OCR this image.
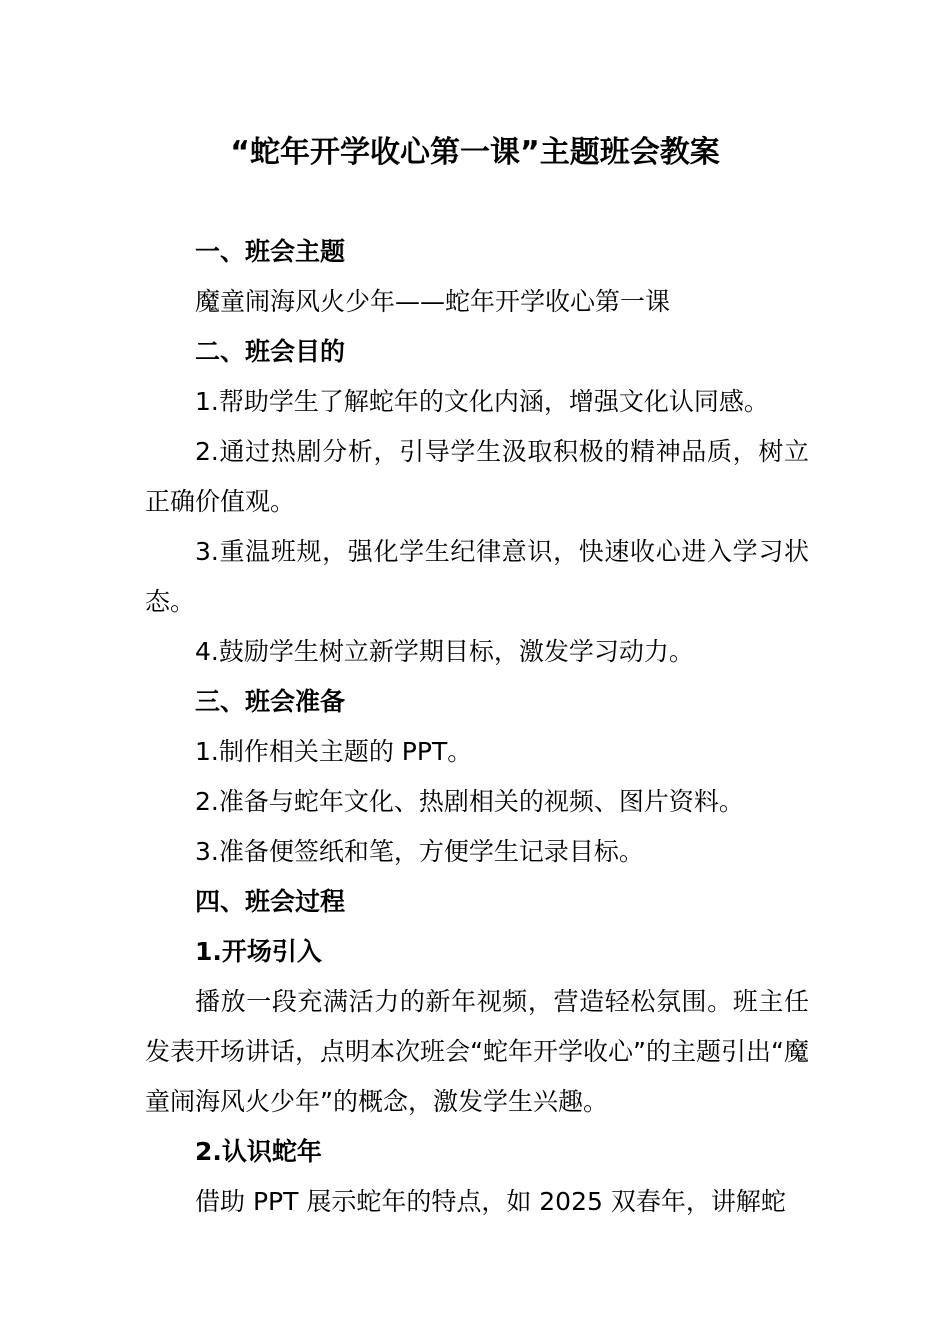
“蛇年开学收心第一课”主题班会教案

一、班会主题

魔童闹海风火少年——蛇年开学收心第一课

二、班会目的

1.帮助学生了解蛇年的文化内涵，增强文化认同感。

2.通过热剧分析，引导学生汲取积极的精神品质，树立正确价值观。

3.重温班规，强化学生纪律意识，快速收心进入学习状态。

4.鼓励学生树立新学期目标，激发学习动力。

三、班会准备

1.制作相关主题的 PPT。

2.准备与蛇年文化、热剧相关的视频、图片资料。

3.准备便签纸和笔，方便学生记录目标。

四、班会过程

1.开场引入

播放一段充满活力的新年视频，营造轻松氛围。班主任发表开场讲话，点明本次班会“蛇年开学收心”的主题引出“魔童闹海风火少年”的概念，激发学生兴趣。

2.认识蛇年

借助 PPT 展示蛇年的特点，如 2025 双春年，讲解蛇
